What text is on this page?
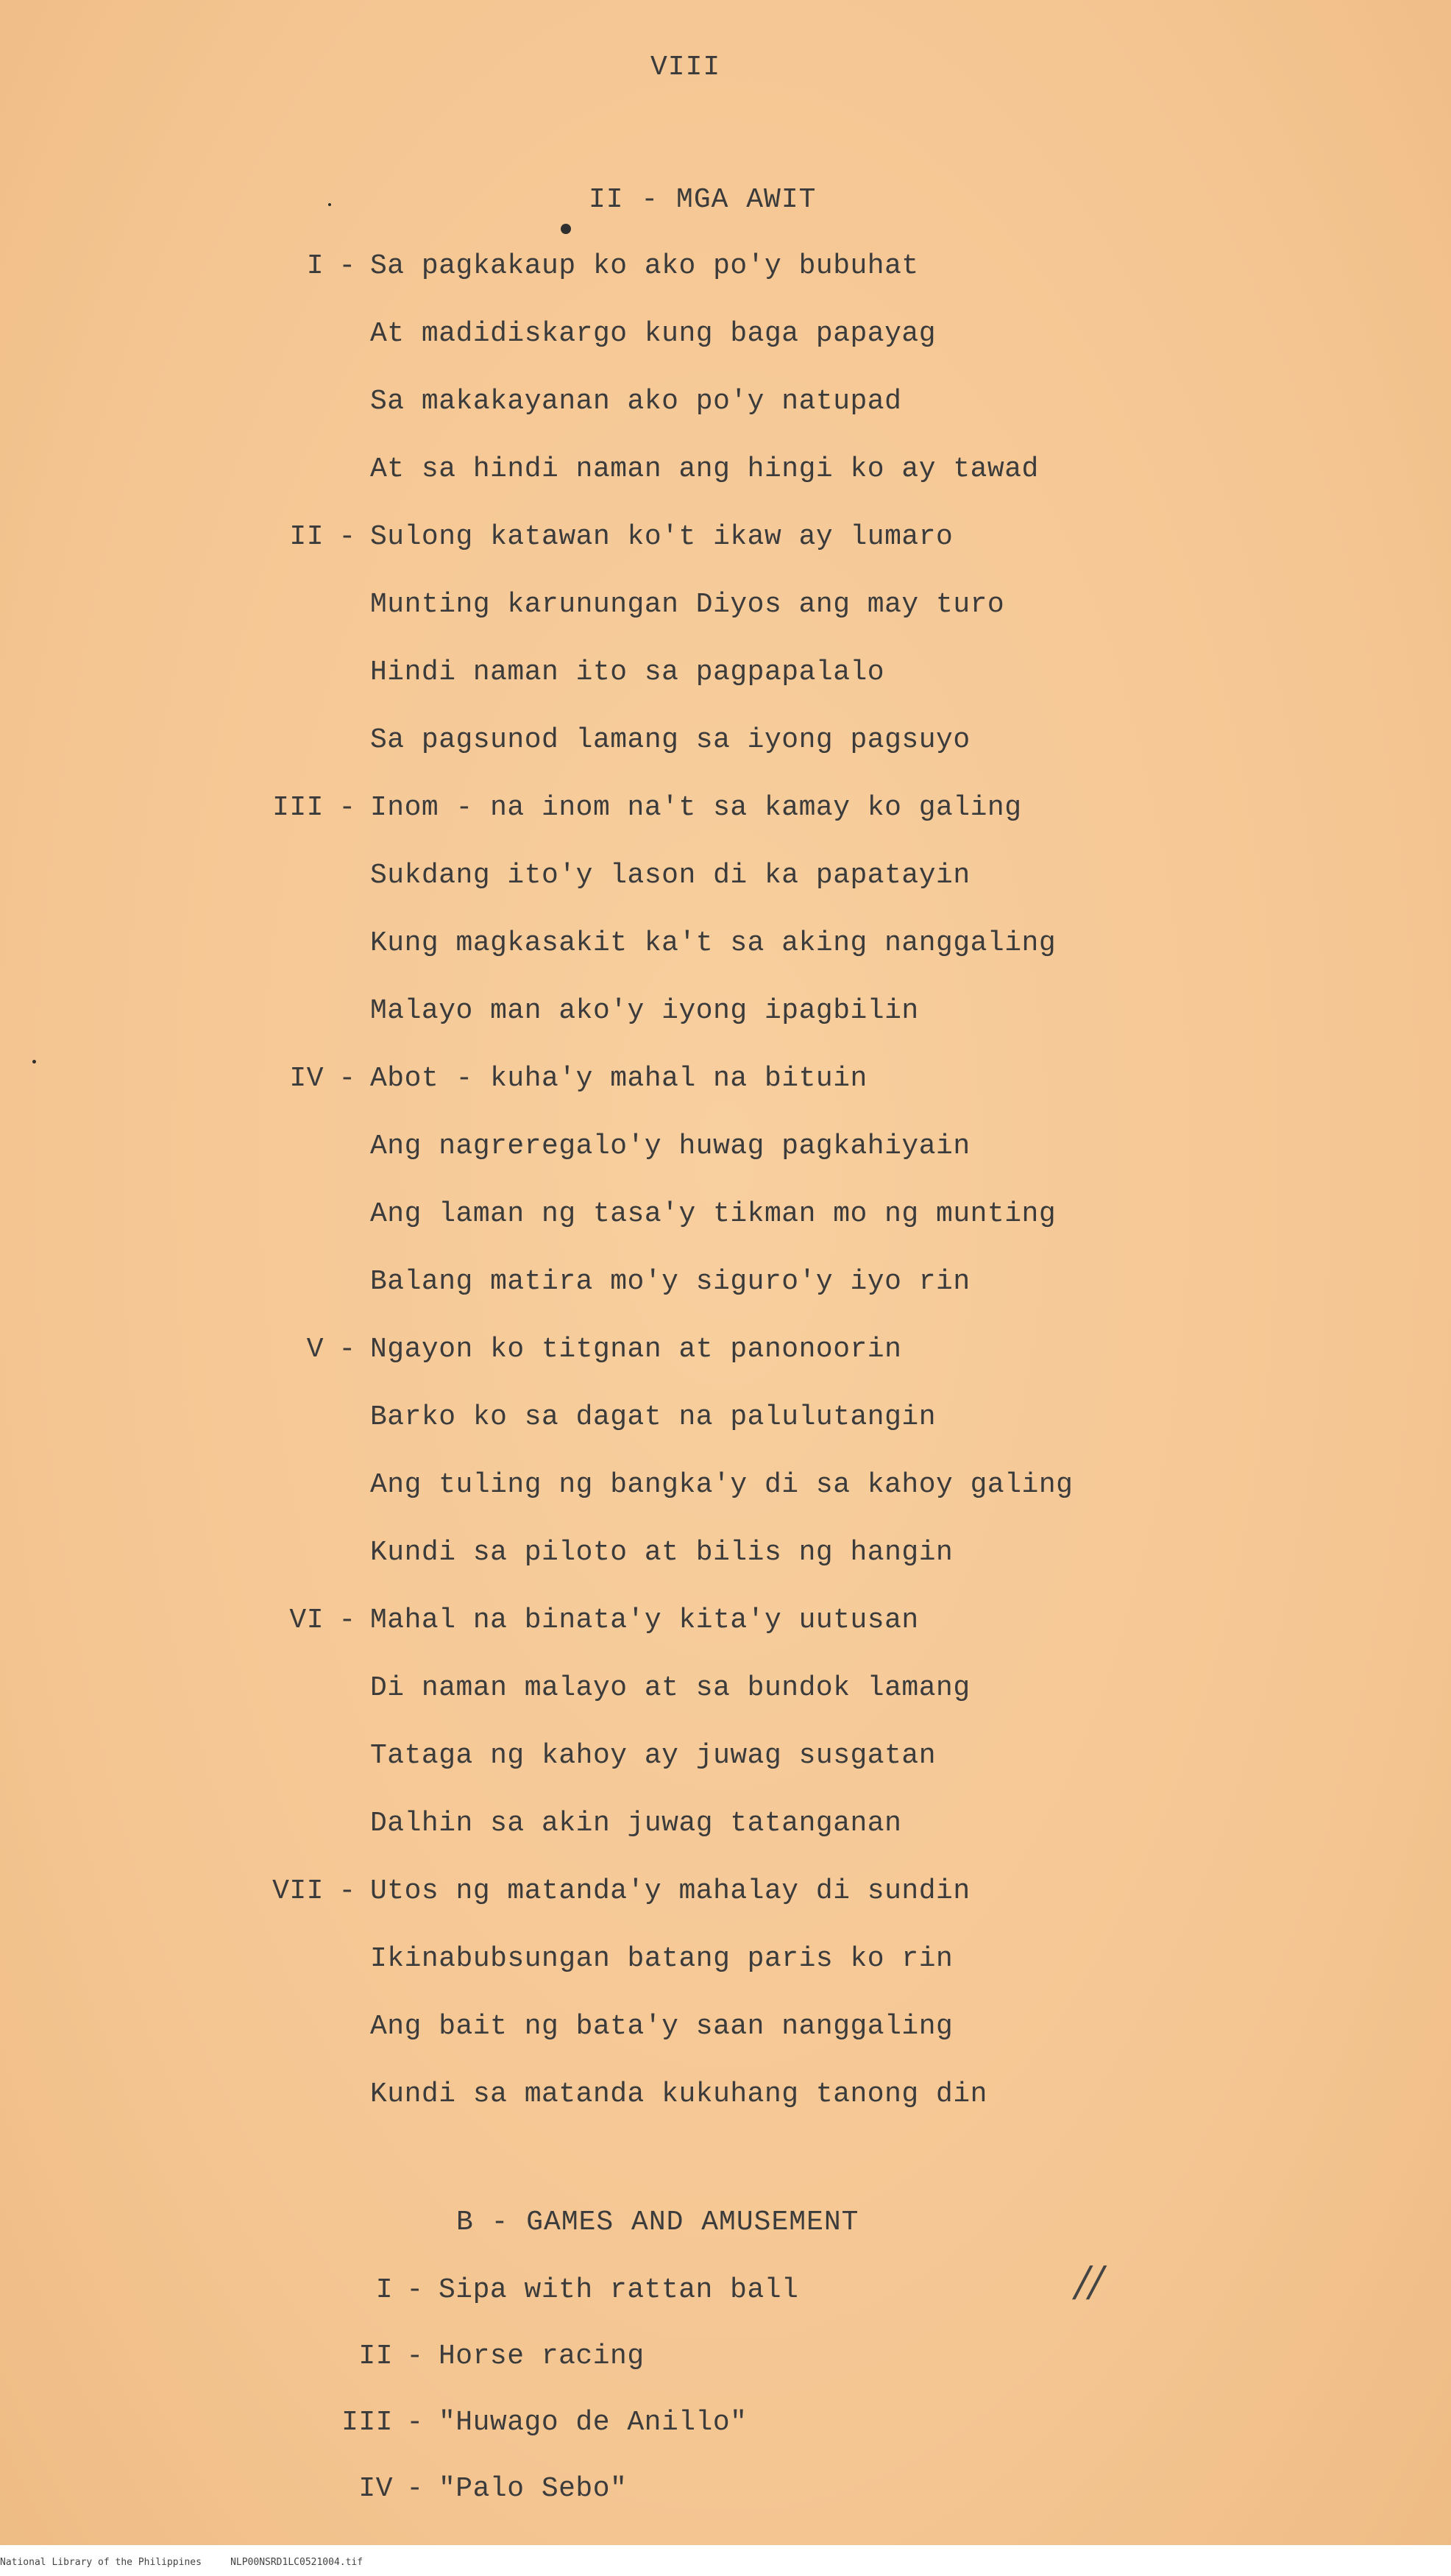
VIII
II - MGA AWIT
I - Sa pagkakaup ko ako po'y bubuhat
At madidiskargo kung baga papayag
Sa makakayanan ako po'y natupad
At sa hindi naman ang hingi ko ay tawad
II - Sulong katawan ko't ikaw ay lumaro
Munting karunungan Diyos ang may turo
Hindi naman ito sa pagpapalalo
Sa pagsunod lamang sa iyong pagsuyo
III - Inom - na inom na't sa kamay ko galing
Sukdang ito'y lason di ka papatayin
Kung magkasakit ka't sa aking nanggaling
Malayo man ako'y iyong ipagbilin
IV - Abot - kuha'y mahal na bituin
Ang nagreregalo'y huwag pagkahiyain
Ang laman ng tasa'y tikman mo ng munting
Balang matira mo'y siguro'y iyo rin
V - Ngayon ko titgnan at panonoorin
Barko ko sa dagat na palulutangin
Ang tuling ng bangka'y di sa kahoy galing
Kundi sa piloto at bilis ng hangin
VI - Mahal na binata'y kita'y uutusan
Di naman malayo at sa bundok lamang
Tataga ng kahoy ay juwag susgatan
Dalhin sa akin juwag tatanganan
VII - Utos ng matanda'y mahalay di sundin
Ikinabubsungan batang paris ko rin
Ang bait ng bata'y saan nanggaling
Kundi sa matanda kukuhang tanong din
B - GAMES AND AMUSEMENT
I - Sipa with rattan ball	//
II - Horse racing
III - "Huwago de Anillo"
IV - "Palo Sebo"
National Library of the Philippines     NLP00NSRD1LC0521004.tif
